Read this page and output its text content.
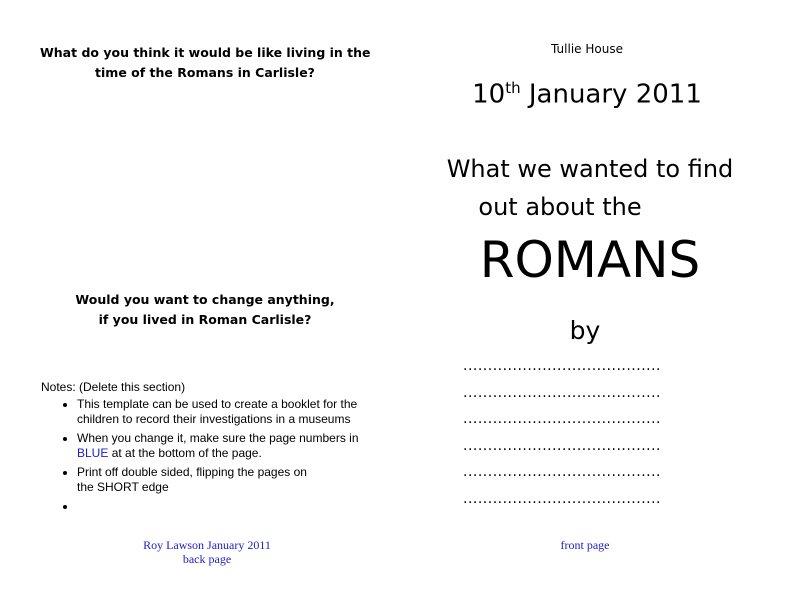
What do you think it would be like living in the
time of the Romans in Carlisle?
Would you want to change anything,
if you lived in Roman Carlisle?
Notes: (Delete this section)
• This template can be used to create a booklet for the
children to record their investigations in a museums
• When you change it, make sure the page numbers in
BLUE at at the bottom of the page.
• Print off double sided, flipping the pages on
the SHORT edge
•
Roy Lawson January 2011
back page
Tullie House
10th January 2011
What we wanted to find
out about the
ROMANS
by
........................................
........................................
........................................
........................................
........................................
........................................
front page
